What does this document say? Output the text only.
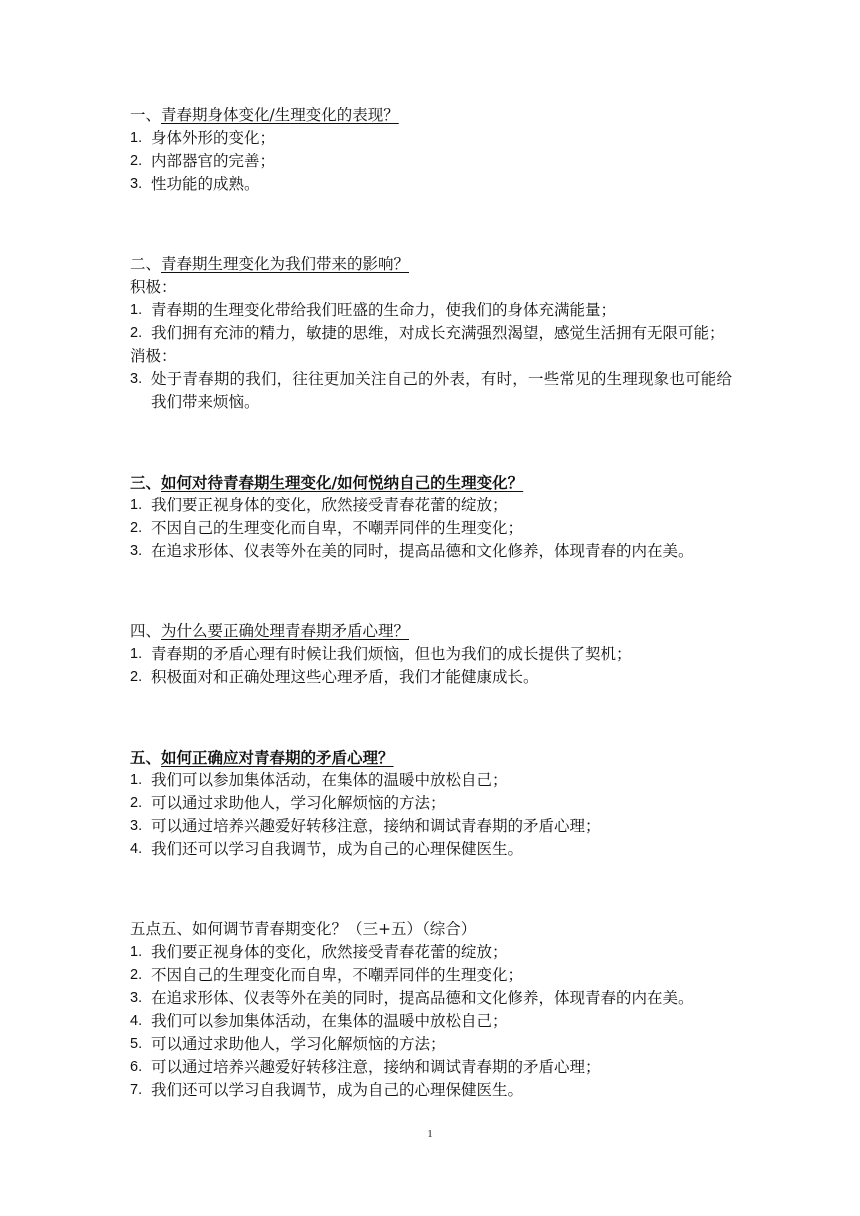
一、青春期身体变化/生理变化的表现？
1. 身体外形的变化；
2. 内部器官的完善；
3. 性功能的成熟。
二、青春期生理变化为我们带来的影响？
积极：
1. 青春期的生理变化带给我们旺盛的生命力，使我们的身体充满能量；
2. 我们拥有充沛的精力，敏捷的思维，对成长充满强烈渴望，感觉生活拥有无限可能；
消极：
3. 处于青春期的我们，往往更加关注自己的外表，有时，一些常见的生理现象也可能给我们带来烦恼。
三、如何对待青春期生理变化/如何悦纳自己的生理变化？
1. 我们要正视身体的变化，欣然接受青春花蕾的绽放；
2. 不因自己的生理变化而自卑，不嘲弄同伴的生理变化；
3. 在追求形体、仪表等外在美的同时，提高品德和文化修养，体现青春的内在美。
四、为什么要正确处理青春期矛盾心理？
1. 青春期的矛盾心理有时候让我们烦恼，但也为我们的成长提供了契机；
2. 积极面对和正确处理这些心理矛盾，我们才能健康成长。
五、如何正确应对青春期的矛盾心理？
1. 我们可以参加集体活动，在集体的温暖中放松自己；
2. 可以通过求助他人，学习化解烦恼的方法；
3. 可以通过培养兴趣爱好转移注意，接纳和调试青春期的矛盾心理；
4. 我们还可以学习自我调节，成为自己的心理保健医生。
五点五、如何调节青春期变化？（三+五）（综合）
1. 我们要正视身体的变化，欣然接受青春花蕾的绽放；
2. 不因自己的生理变化而自卑，不嘲弄同伴的生理变化；
3. 在追求形体、仪表等外在美的同时，提高品德和文化修养，体现青春的内在美。
4. 我们可以参加集体活动，在集体的温暖中放松自己；
5. 可以通过求助他人，学习化解烦恼的方法；
6. 可以通过培养兴趣爱好转移注意，接纳和调试青春期的矛盾心理；
7. 我们还可以学习自我调节，成为自己的心理保健医生。
1
